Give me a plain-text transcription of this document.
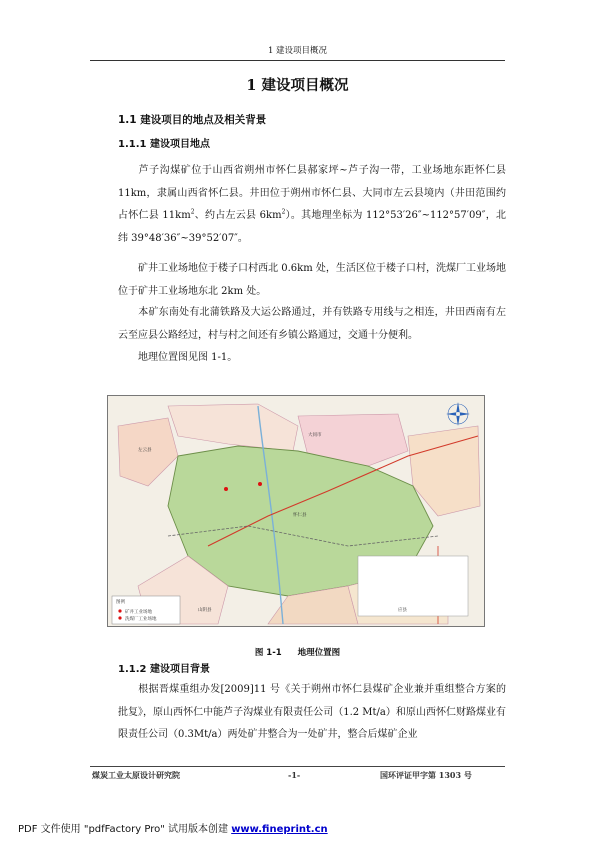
1 建设项目概况
1 建设项目概况
1.1 建设项目的地点及相关背景
1.1.1 建设项目地点
  芦子沟煤矿位于山西省朔州市怀仁县郝家坪~芦子沟一带，工业场地东距怀仁县 11km，隶属山西省怀仁县。井田位于朔州市怀仁县、大同市左云县境内（井田范围约占怀仁县 $11km^2$、约占左云县 $6km^2$）。其地理坐标为 112°53′26″~112°57′09″，北纬 39°48′36″~39°52′07″。
  矿井工业场地位于楼子口村西北 0.6km 处，生活区位于楼子口村，洗煤厂工业场地位于矿井工业场地东北 2km 处。
  本矿东南处有北蒲铁路及大运公路通过，并有铁路专用线与之相连，井田西南有左云至应县公路经过，村与村之间还有乡镇公路通过，交通十分便利。
  地理位置图见图 1-1。
图例
矿井工业场地
洗煤厂工业场地
大同市
左云县
怀仁县
应县
山阴县
图 1-1 地理位置图
1.1.2 建设项目背景
  根据晋煤重组办发[2009]11 号《关于朔州市怀仁县煤矿企业兼并重组整合方案的批复》，原山西怀仁中能芦子沟煤业有限责任公司（1.2 Mt/a）和原山西怀仁财路煤业有限责任公司（0.3Mt/a）两处矿井整合为一处矿井，整合后煤矿企业
煤炭工业太原设计研究院	-1-	国环评证甲字第 1303 号
PDF 文件使用 "pdfFactory Pro" 试用版本创建 www.fineprint.cn
